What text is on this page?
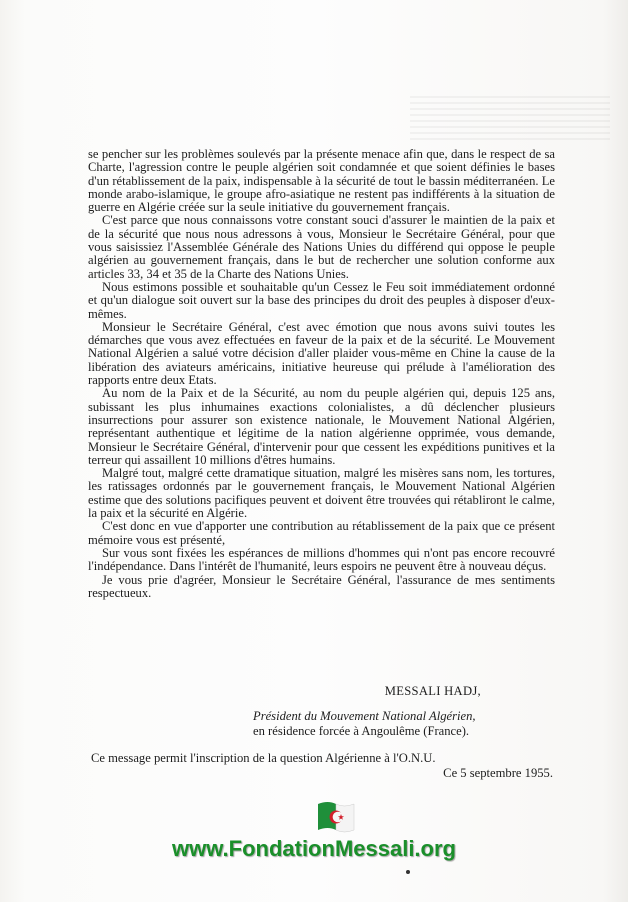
se pencher sur les problèmes soulevés par la présente menace afin que, dans le respect de sa Charte, l'agression contre le peuple algérien soit condamnée et que soient définies le bases d'un rétablissement de la paix, indispensable à la sécurité de tout le bassin méditerranéen. Le monde arabo-islamique, le groupe afro-asiatique ne restent pas indifférents à la situation de guerre en Algérie créée sur la seule initiative du gouvernement français.

C'est parce que nous connaissons votre constant souci d'assurer le maintien de la paix et de la sécurité que nous nous adressons à vous, Monsieur le Secrétaire Général, pour que vous saisissiez l'Assemblée Générale des Nations Unies du différend qui oppose le peuple algérien au gouvernement français, dans le but de rechercher une solution conforme aux articles 33, 34 et 35 de la Charte des Nations Unies.

Nous estimons possible et souhaitable qu'un Cessez le Feu soit immédiatement ordonné et qu'un dialogue soit ouvert sur la base des principes du droit des peuples à disposer d'eux-mêmes.

Monsieur le Secrétaire Général, c'est avec émotion que nous avons suivi toutes les démarches que vous avez effectuées en faveur de la paix et de la sécurité. Le Mouvement National Algérien a salué votre décision d'aller plaider vous-même en Chine la cause de la libération des aviateurs américains, initiative heureuse qui prélude à l'amélioration des rapports entre deux Etats.

Au nom de la Paix et de la Sécurité, au nom du peuple algérien qui, depuis 125 ans, subissant les plus inhumaines exactions colonialistes, a dû déclencher plusieurs insurrections pour assurer son existence nationale, le Mouvement National Algérien, représentant authentique et légitime de la nation algérienne opprimée, vous demande, Monsieur le Secrétaire Général, d'intervenir pour que cessent les expéditions punitives et la terreur qui assaillent 10 millions d'êtres humains.

Malgré tout, malgré cette dramatique situation, malgré les misères sans nom, les tortures, les ratissages ordonnés par le gouvernement français, le Mouvement National Algérien estime que des solutions pacifiques peuvent et doivent être trouvées qui rétabliront le calme, la paix et la sécurité en Algérie.

C'est donc en vue d'apporter une contribution au rétablissement de la paix que ce présent mémoire vous est présenté,

Sur vous sont fixées les espérances de millions d'hommes qui n'ont pas encore recouvré l'indépendance. Dans l'intérêt de l'humanité, leurs espoirs ne peuvent être à nouveau déçus.

Je vous prie d'agréer, Monsieur le Secrétaire Général, l'assurance de mes sentiments respectueux.

MESSALI HADJ,
Président du Mouvement National Algérien,
en résidence forcée à Angoulême (France).
Ce message permit l'inscription de la question Algérienne à l'O.N.U.
Ce 5 septembre 1955.
www.FondationMessali.org
